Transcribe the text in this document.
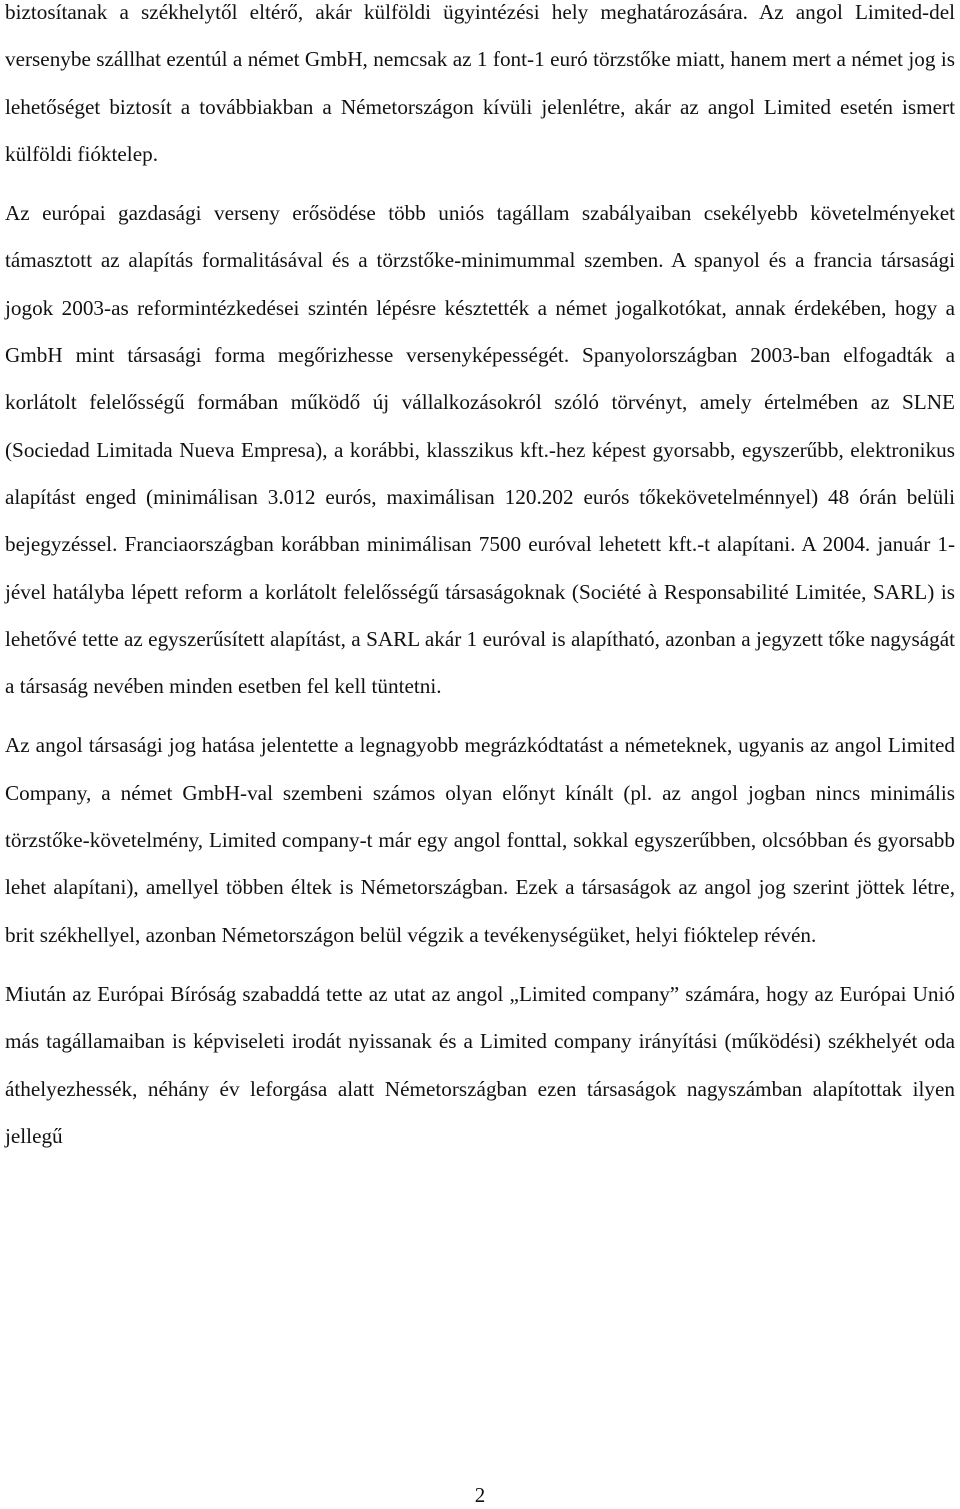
biztosítanak a székhelytől eltérő, akár külföldi ügyintézési hely meghatározására. Az angol Limited-del versenybe szállhat ezentúl a német GmbH, nemcsak az 1 font-1 euró törzstőke miatt, hanem mert a német jog is lehetőséget biztosít a továbbiakban a Németországon kívüli jelenlétre, akár az angol Limited esetén ismert külföldi fióktelep.

Az európai gazdasági verseny erősödése több uniós tagállam szabályaiban csekélyebb követelményeket támasztott az alapítás formalitásával és a törzstőke-minimummal szemben. A spanyol és a francia társasági jogok 2003-as reformintézkedései szintén lépésre késztették a német jogalkotókat, annak érdekében, hogy a GmbH mint társasági forma megőrizhesse versenyképességét. Spanyolországban 2003-ban elfogadták a korlátolt felelősségű formában működő új vállalkozásokról szóló törvényt, amely értelmében az SLNE (Sociedad Limitada Nueva Empresa), a korábbi, klasszikus kft.-hez képest gyorsabb, egyszerűbb, elektronikus alapítást enged (minimálisan 3.012 eurós, maximálisan 120.202 eurós tőkekövetelménnyel) 48 órán belüli bejegyzéssel. Franciaországban korábban minimálisan 7500 euróval lehetett kft.-t alapítani. A 2004. január 1-jével hatályba lépett reform a korlátolt felelősségű társaságoknak (Société à Responsabilité Limitée, SARL) is lehetővé tette az egyszerűsített alapítást, a SARL akár 1 euróval is alapítható, azonban a jegyzett tőke nagyságát a társaság nevében minden esetben fel kell tüntetni.

Az angol társasági jog hatása jelentette a legnagyobb megrázkódtatást a németeknek, ugyanis az angol Limited Company, a német GmbH-val szembeni számos olyan előnyt kínált (pl. az angol jogban nincs minimális törzstőke-követelmény, Limited company-t már egy angol fonttal, sokkal egyszerűbben, olcsóbban és gyorsabb lehet alapítani), amellyel többen éltek is Németországban. Ezek a társaságok az angol jog szerint jöttek létre, brit székhellyel, azonban Németországon belül végzik a tevékenységüket, helyi fióktelep révén.

Miután az Európai Bíróság szabaddá tette az utat az angol „Limited company” számára, hogy az Európai Unió más tagállamaiban is képviseleti irodát nyissanak és a Limited company irányítási (működési) székhelyét oda áthelyezhessék, néhány év leforgása alatt Németországban ezen társaságok nagyszámban alapítottak ilyen jellegű

2
